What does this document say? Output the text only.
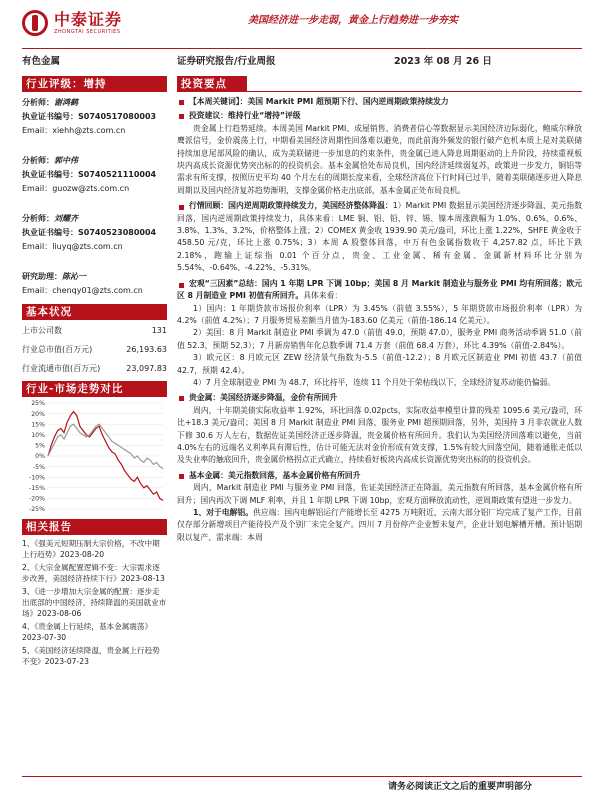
中泰证券
ZHONGTAI SECURITIES
美国经济进一步走弱，黄金上行趋势进一步夯实
有色金属	证券研究报告/行业周报	2023 年 08 月 26 日
行业评级：增持
分析师：谢鸿鹤
执业证书编号：S0740517080003
Email：xiehh@zts.com.cn
分析师：郭中伟
执业证书编号：S0740521110004
Email：guozw@zts.com.cn
分析师：刘耀齐
执业证书编号：S0740523080004
Email：liuyq@zts.com.cn
研究助理：陈沁一
Email：chenqy01@zts.com.cn
基本状况
上市公司数	131
行业总市值(百万元)	26,193.63
行业流通市值(百万元)	23,097.83
行业-市场走势对比
25%
20%
15%
10%
5%
0%
-5%
-10%
-15%
-20%
-25%
相关报告
1、《强美元短期压制大宗价格，不改中期上行趋势》2023-08-20
2、《大宗金属配置逻辑不变：大宗需求逐步改善，美国经济持续下行》2023-08-13
3、《进一步增加大宗金属的配置：逐步走出底部的中国经济，持续降温的美国就业市场》2023-08-06
4、《贵金属上行延续，基本金属震荡》2023-07-30
5、《美国经济延续降温，贵金属上行趋势不变》2023-07-23
投资要点
【本周关键词】：美国 Markit PMI 超预期下行、国内逆周期政策持续发力
投资建议：维持行业“增持”评级
贵金属上行趋势延续。本周美国 Markit PMI、成屋销售、消费者信心等数据显示美国经济边际弱化，鲍威尔释放鹰派信号，金价震荡上行，中期看美国经济周期性回落难以避免，而此前海外频发的银行破产危机本质上是对美联储持续加息尾部风险的确认，成为美联储进一步加息的约束条件，贵金属已进入降息周期驱动的上升阶段，持续重视板块内高成长资源优势突出标的的投资机会。基本金属恰处布局良机，国内经济延续弱复苏，政策进一步发力，铜铝等需求有所支撑，按照历史平均 40 个月左右的周期长度来看，全球经济高位下行时间已过半，随着美联储逐步进入降息周期以及国内经济复苏趋势渐明，支撑金属价格走出底部，基本金属正处布局良机。
行情回顾：国内逆周期政策持续发力，美国经济整体降温：1）Markit PMI 数据显示美国经济逐步降温、美元指数回落，国内逆周期政策持续发力，具体来看：LME 铜、铝、铅、锌、锡、镍本周涨跌幅为 1.0%、0.6%、0.6%、3.8%、1.3%、3.2%，价格整体上涨；2）COMEX 黄金收 1939.90 美元/盎司，环比上涨 1.22%，SHFE 黄金收于 458.50 元/克，环比上涨 0.75%；3）本周 A 股整体回落，中万有色金属指数收于 4,257.82 点，环比下跌 2.18%，跑输上证综指 0.01 个百分点，贵金、工业金属、稀有金属、金属新材料环比分别为 5.54%、-0.64%、-4.22%、-5.31%。
宏观“三因素”总结：国内 1 年期 LPR 下调 10bp；美国 8 月 Markit 制造业与服务业 PMI 均有所回落；欧元区 8 月制造业 PMI 初值有所回升。具体来看：
1）国内：1 年期贷款市场报价利率（LPR）为 3.45%（前值 3.55%），5 年期贷款市场报价利率（LPR）为 4.2%（前值 4.2%）；7 月服务贸易差额当月值为-183.60 亿美元（前值-186.14 亿美元）。
2）美国：8 月 Markit 制造业 PMI 季调为 47.0（前值 49.0，预期 47.0），服务业 PMI 商务活动季调 51.0（前值 52.3，预期 52.3）；7 月新房销售年化总数季调 71.4 万套（前值 68.4 万套），环比 4.39%（前值-2.84%）。
3）欧元区：8 月欧元区 ZEW 经济景气指数为-5.5（前值-12.2）；8 月欧元区制造业 PMI 初值 43.7（前值 42.7，预期 42.4）。
4）7 月全球制造业 PMI 为 48.7，环比持平，连续 11 个月处于荣枯线以下，全球经济复苏动能仍偏弱。
贵金属：美国经济逐步降温，金价有所回升
周内，十年期美债实际收益率 1.92%，环比回落 0.02pcts，实际收益率模型计算的残差 1095.6 美元/盎司，环比+18.3 美元/盎司；美国 8 月 Markit 制造业 PMI 回落，服务业 PMI 超预期回落，另外，美国持 3 月非农就业人数下修 30.6 万人左右，数据佐证美国经济正逐步降温，贵金属价格有所回升。我们认为美国经济回落难以避免，当前 4.0%左右的远端名义利率具有滞后性，估计可能无法对金价形成有效支撑，1.5%有较大回落空间，随着通胀走低以及失业率的触底回升，贵金属价格拐点正式确立，持续看好板块内高成长资源优势突出标的的投资机会。
基本金属：美元指数回落，基本金属价格有所回升
周内，Markit 制造业 PMI 与服务业 PMI 回落，佐证美国经济正在降温，美元指数有所回落，基本金属价格有所回升；国内再次下调 MLF 利率，并且 1 年期 LPR 下调 10bp，宏观方面释放流动性，逆周期政策有望进一步发力。
1、对于电解铝。供应端：国内电解铝运行产能增长至 4275 万吨附近，云南大部分铝厂均完成了复产工作，目前仅存部分新增项目产能待投产及个别厂未完全复产。四川 7 月份停产企业暂未复产，企业计划电解槽开槽。预计铝期限以复产、需求端：本周
请务必阅读正文之后的重要声明部分
